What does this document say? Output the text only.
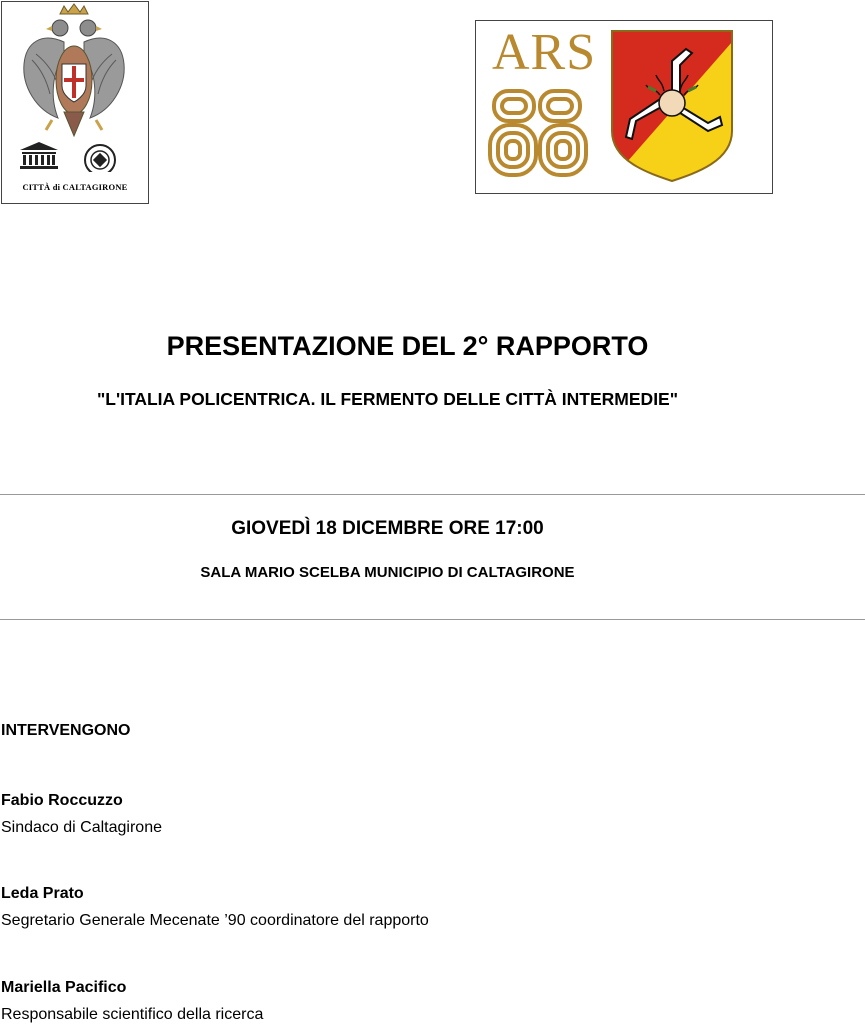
CITTÀ di CALTAGIRONE
ARS
PRESENTAZIONE DEL 2° RAPPORTO
"L'ITALIA POLICENTRICA. IL FERMENTO DELLE CITTÀ INTERMEDIE"
GIOVEDÌ 18 DICEMBRE ORE 17:00
SALA MARIO SCELBA MUNICIPIO DI CALTAGIRONE
INTERVENGONO
Fabio Roccuzzo
Sindaco di Caltagirone
Leda Prato
Segretario Generale Mecenate ’90 coordinatore del rapporto
Mariella Pacifico
Responsabile scientifico della ricerca
